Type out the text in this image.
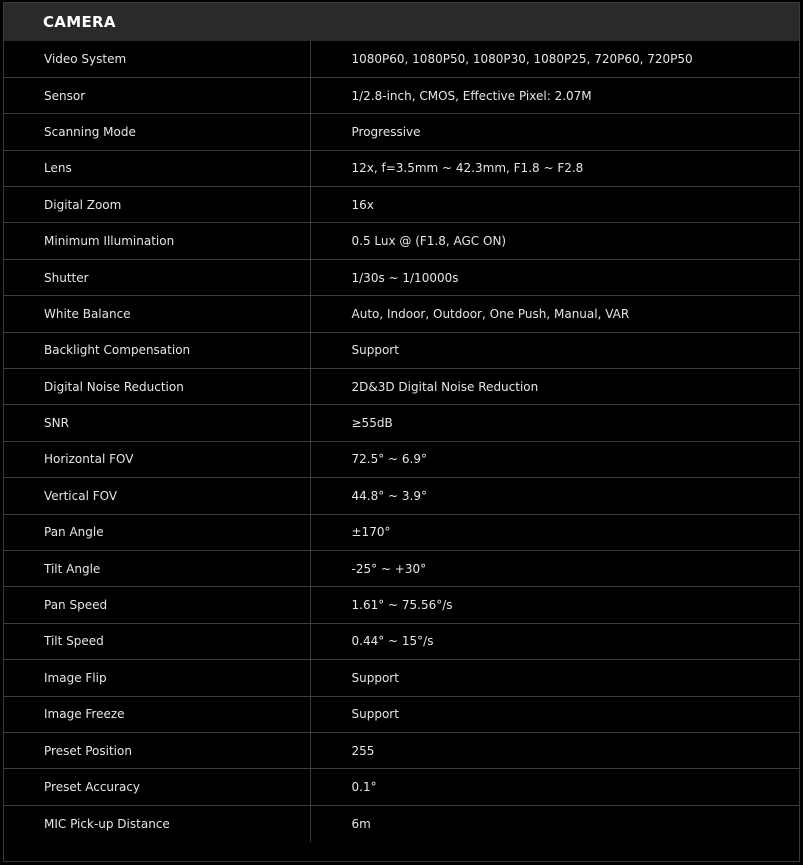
CAMERA
Video System	1080P60, 1080P50, 1080P30, 1080P25, 720P60, 720P50
Sensor	1/2.8-inch, CMOS, Effective Pixel: 2.07M
Scanning Mode	Progressive
Lens	12x, f=3.5mm ~ 42.3mm, F1.8 ~ F2.8
Digital Zoom	16x
Minimum Illumination	0.5 Lux @ (F1.8, AGC ON)
Shutter	1/30s ~ 1/10000s
White Balance	Auto, Indoor, Outdoor, One Push, Manual, VAR
Backlight Compensation	Support
Digital Noise Reduction	2D&3D Digital Noise Reduction
SNR	≥55dB
Horizontal FOV	72.5° ~ 6.9°
Vertical FOV	44.8° ~ 3.9°
Pan Angle	±170°
Tilt Angle	-25° ~ +30°
Pan Speed	1.61° ~ 75.56°/s
Tilt Speed	0.44° ~ 15°/s
Image Flip	Support
Image Freeze	Support
Preset Position	255
Preset Accuracy	0.1°
MIC Pick-up Distance	6m
